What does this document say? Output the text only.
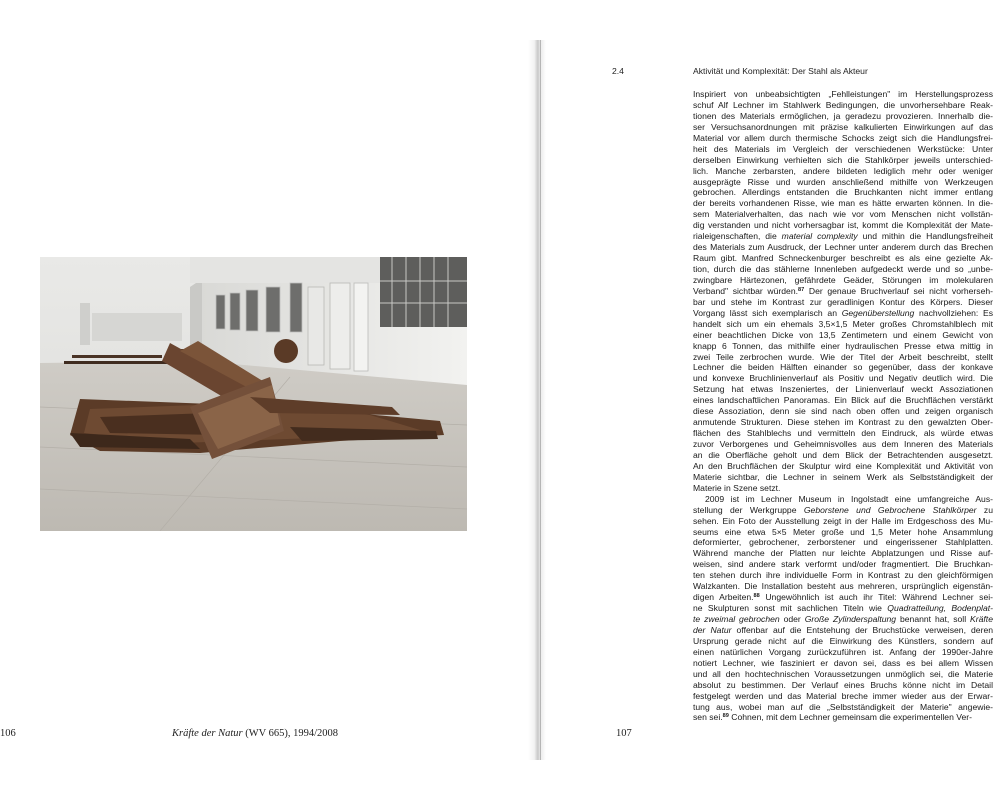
106	Kräfte der Natur (WV 665), 1994/2008
2.4	Aktivität und Komplexität: Der Stahl als Akteur
Inspiriert von unbeabsichtigten „Fehlleistungen" im Herstellungsprozess
schuf Alf Lechner im Stahlwerk Bedingungen, die unvorhersehbare Reak-
tionen des Materials ermöglichen, ja geradezu provozieren. Innerhalb die-
ser Versuchsanordnungen mit präzise kalkulierten Einwirkungen auf das
Material vor allem durch thermische Schocks zeigt sich die Handlungsfrei-
heit des Materials im Vergleich der verschiedenen Werkstücke: Unter
derselben Einwirkung verhielten sich die Stahlkörper jeweils unterschied-
lich. Manche zerbarsten, andere bildeten lediglich mehr oder weniger
ausgeprägte Risse und wurden anschließend mithilfe von Werkzeugen
gebrochen. Allerdings entstanden die Bruchkanten nicht immer entlang
der bereits vorhandenen Risse, wie man es hätte erwarten können. In die-
sem Materialverhalten, das nach wie vor vom Menschen nicht vollstän-
dig verstanden und nicht vorhersagbar ist, kommt die Komplexität der Mate-
rialeigenschaften, die material complexity und mithin die Handlungsfreiheit
des Materials zum Ausdruck, der Lechner unter anderem durch das Brechen
Raum gibt. Manfred Schneckenburger beschreibt es als eine gezielte Ak-
tion, durch die das stählerne Innenleben aufgedeckt werde und so „unbe-
zwingbare Härtezonen, gefährdete Geäder, Störungen im molekularen
Verband" sichtbar würden.$^{87}$ Der genaue Bruchverlauf sei nicht vorherseh-
bar und stehe im Kontrast zur geradlinigen Kontur des Körpers. Dieser
Vorgang lässt sich exemplarisch an Gegenüberstellung nachvollziehen: Es
handelt sich um ein ehemals 3,5×1,5 Meter großes Chromstahlblech mit
einer beachtlichen Dicke von 13,5 Zentimetern und einem Gewicht von
knapp 6 Tonnen, das mithilfe einer hydraulischen Presse etwa mittig in
zwei Teile zerbrochen wurde. Wie der Titel der Arbeit beschreibt, stellt
Lechner die beiden Hälften einander so gegenüber, dass der konkave
und konvexe Bruchlinienverlauf als Positiv und Negativ deutlich wird. Die
Setzung hat etwas Inszeniertes, der Linienverlauf weckt Assoziationen
eines landschaftlichen Panoramas. Ein Blick auf die Bruchflächen verstärkt
diese Assoziation, denn sie sind nach oben offen und zeigen organisch
anmutende Strukturen. Diese stehen im Kontrast zu den gewalzten Ober-
flächen des Stahlblechs und vermitteln den Eindruck, als würde etwas
zuvor Verborgenes und Geheimnisvolles aus dem Inneren des Materials
an die Oberfläche geholt und dem Blick der Betrachtenden ausgesetzt.
An den Bruchflächen der Skulptur wird eine Komplexität und Aktivität von
Materie sichtbar, die Lechner in seinem Werk als Selbstständigkeit der
Materie in Szene setzt.
2009 ist im Lechner Museum in Ingolstadt eine umfangreiche Aus-
stellung der Werkgruppe Geborstene und Gebrochene Stahlkörper zu
sehen. Ein Foto der Ausstellung zeigt in der Halle im Erdgeschoss des Mu-
seums eine etwa 5×5 Meter große und 1,5 Meter hohe Ansammlung
deformierter, gebrochener, zerborstener und eingerissener Stahlplatten.
Während manche der Platten nur leichte Abplatzungen und Risse auf-
weisen, sind andere stark verformt und/oder fragmentiert. Die Bruchkan-
ten stehen durch ihre individuelle Form in Kontrast zu den gleichförmigen
Walzkanten. Die Installation besteht aus mehreren, ursprünglich eigenstän-
digen Arbeiten.$^{88}$ Ungewöhnlich ist auch ihr Titel: Während Lechner sei-
ne Skulpturen sonst mit sachlichen Titeln wie Quadratteilung, Bodenplat-
te zweimal gebrochen oder Große Zylinderspaltung benannt hat, soll Kräfte
der Natur offenbar auf die Entstehung der Bruchstücke verweisen, deren
Ursprung gerade nicht auf die Einwirkung des Künstlers, sondern auf
einen natürlichen Vorgang zurückzuführen ist. Anfang der 1990er-Jahre
notiert Lechner, wie fasziniert er davon sei, dass es bei allem Wissen
und all den hochtechnischen Voraussetzungen unmöglich sei, die Materie
absolut zu bestimmen. Der Verlauf eines Bruchs könne nicht im Detail
festgelegt werden und das Material breche immer wieder aus der Erwar-
tung aus, wobei man auf die „Selbstständigkeit der Materie" angewie-
sen sei.$^{89}$ Cohnen, mit dem Lechner gemeinsam die experimentellen Ver-
107
